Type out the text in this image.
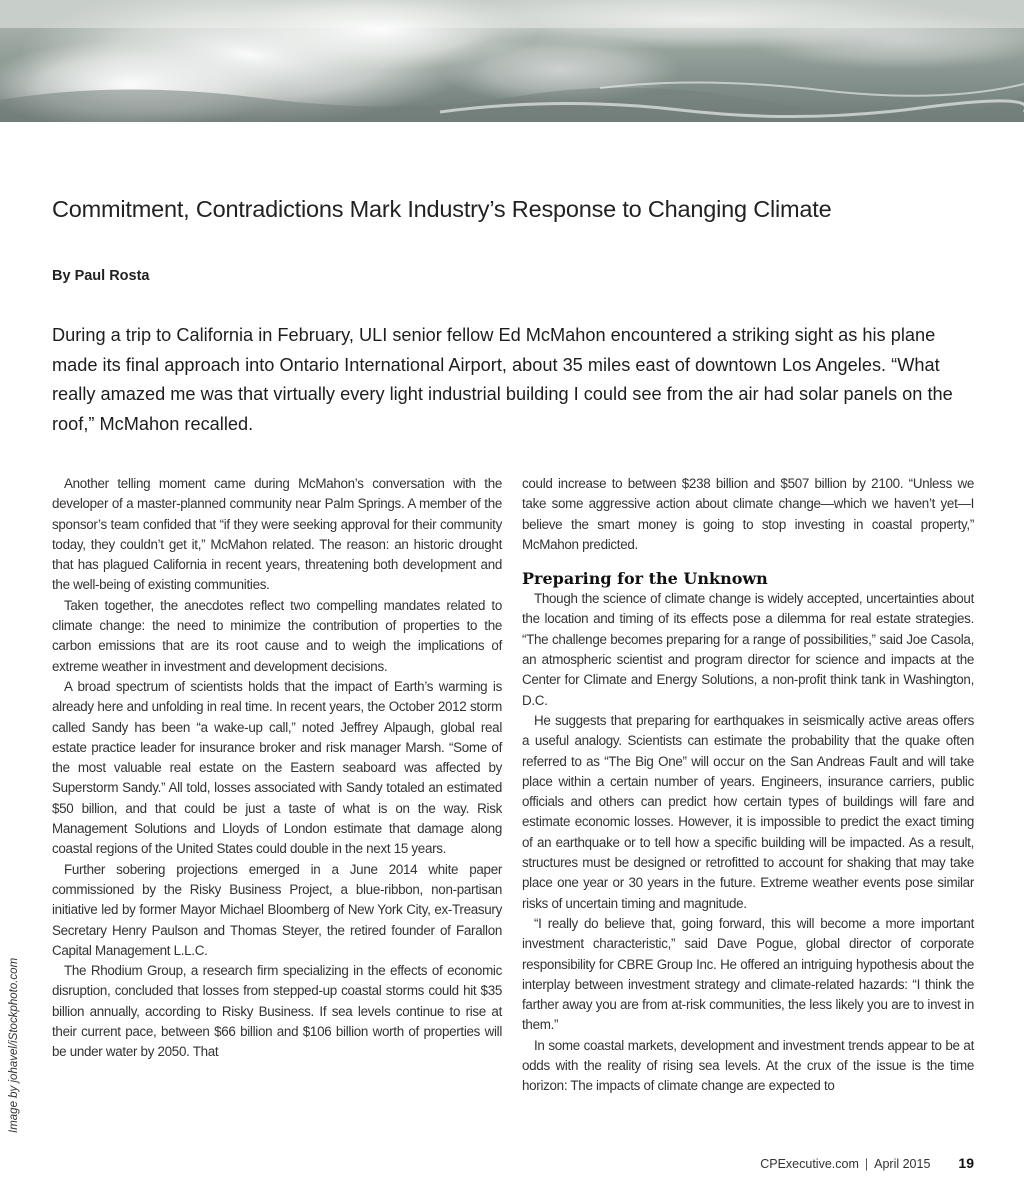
Commitment, Contradictions Mark Industry’s Response to Changing Climate
By Paul Rosta

During a trip to California in February, ULI senior fellow Ed McMahon encountered a striking sight as his plane made its final approach into Ontario International Airport, about 35 miles east of downtown Los Angeles. “What really amazed me was that virtually every light industrial building I could see from the air had solar panels on the roof,” McMahon recalled.

Another telling moment came during McMahon’s conversation with the developer of a master-planned community near Palm Springs. A member of the sponsor’s team confided that “if they were seeking approval for their community today, they couldn’t get it,” McMahon related. The reason: an historic drought that has plagued California in recent years, threatening both development and the well-being of existing communities.

Taken together, the anecdotes reflect two compelling mandates related to climate change: the need to minimize the contribution of properties to the carbon emissions that are its root cause and to weigh the implications of extreme weather in investment and development decisions.

A broad spectrum of scientists holds that the impact of Earth’s warming is already here and unfolding in real time. In recent years, the October 2012 storm called Sandy has been “a wake-up call,” noted Jeffrey Alpaugh, global real estate practice leader for insurance broker and risk manager Marsh. “Some of the most valuable real estate on the Eastern seaboard was affected by Superstorm Sandy.” All told, losses associated with Sandy totaled an estimated $50 billion, and that could be just a taste of what is on the way. Risk Management Solutions and Lloyds of London estimate that damage along coastal regions of the United States could double in the next 15 years.

Further sobering projections emerged in a June 2014 white paper commissioned by the Risky Business Project, a blue-ribbon, non-partisan initiative led by former Mayor Michael Bloomberg of New York City, ex-Treasury Secretary Henry Paulson and Thomas Steyer, the retired founder of Farallon Capital Management L.L.C.

The Rhodium Group, a research firm specializing in the effects of economic disruption, concluded that losses from stepped-up coastal storms could hit $35 billion annually, according to Risky Business. If sea levels continue to rise at their current pace, between $66 billion and $106 billion worth of properties will be under water by 2050. That

could increase to between $238 billion and $507 billion by 2100. “Unless we take some aggressive action about climate change—which we haven’t yet—I believe the smart money is going to stop investing in coastal property,” McMahon predicted.

Preparing for the Unknown

Though the science of climate change is widely accepted, uncertainties about the location and timing of its effects pose a dilemma for real estate strategies. “The challenge becomes preparing for a range of possibilities,” said Joe Casola, an atmospheric scientist and program director for science and impacts at the Center for Climate and Energy Solutions, a non-profit think tank in Washington, D.C.

He suggests that preparing for earthquakes in seismically active areas offers a useful analogy. Scientists can estimate the probability that the quake often referred to as “The Big One” will occur on the San Andreas Fault and will take place within a certain number of years. Engineers, insurance carriers, public officials and others can predict how certain types of buildings will fare and estimate economic losses. However, it is impossible to predict the exact timing of an earthquake or to tell how a specific building will be impacted. As a result, structures must be designed or retrofitted to account for shaking that may take place one year or 30 years in the future. Extreme weather events pose similar risks of uncertain timing and magnitude.

“I really do believe that, going forward, this will become a more important investment characteristic,” said Dave Pogue, global director of corporate responsibility for CBRE Group Inc. He offered an intriguing hypothesis about the interplay between investment strategy and climate-related hazards: “I think the farther away you are from at-risk communities, the less likely you are to invest in them.”

In some coastal markets, development and investment trends appear to be at odds with the reality of rising sea levels. At the crux of the issue is the time horizon: The impacts of climate change are expected to

Image by johavel/iStockphoto.com
CPExecutive.com | April 2015 19
